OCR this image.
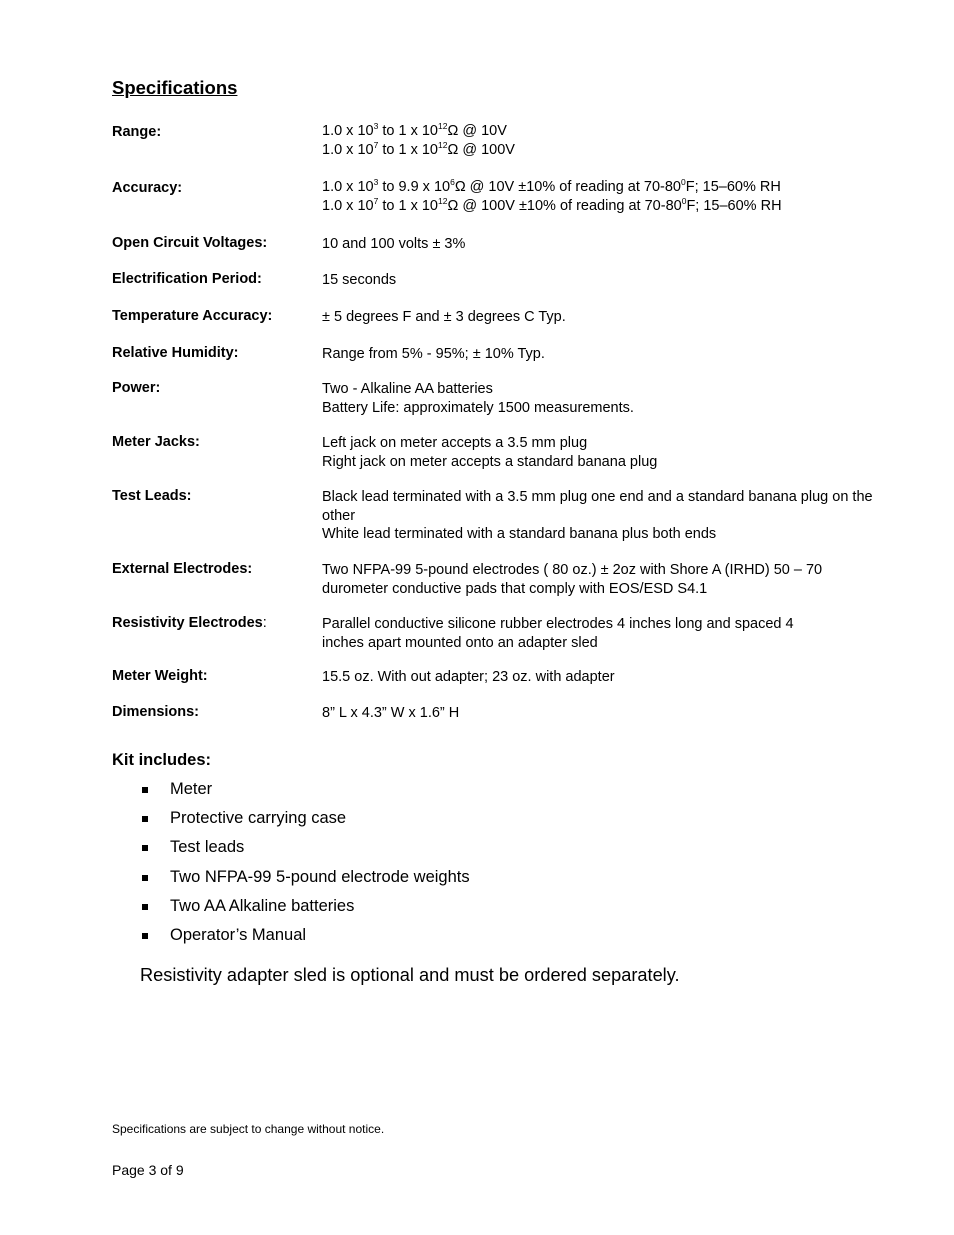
Specifications
Range:	1.0 x $10^3$ to 1 x $10^{12}\Omega$ @ 10V
1.0 x $10^7$ to 1 x $10^{12}\Omega$ @ 100V
Accuracy:	1.0 x $10^3$ to 9.9 x $10^6\Omega$ @ 10V ±10% of reading at $70-80^0F$; 15–60% RH
1.0 x $10^7$ to 1 x $10^{12}\Omega$ @ 100V ±10% of reading at $70-80^0F$; 15–60% RH
Open Circuit Voltages:	10 and 100 volts ± 3%
Electrification Period:	15 seconds
Temperature Accuracy:	± 5 degrees F and ± 3 degrees C Typ.
Relative Humidity:	Range from 5% - 95%; ± 10% Typ.
Power:	Two - Alkaline AA batteries
Battery Life: approximately 1500 measurements.
Meter Jacks:	Left jack on meter accepts a 3.5 mm plug
Right jack on meter accepts a standard banana plug
Test Leads:	Black lead terminated with a 3.5 mm plug one end and a standard banana plug on the other
White lead terminated with a standard banana plus both ends
External Electrodes:	Two NFPA-99 5-pound electrodes ( 80 oz.) ± 2oz with Shore A (IRHD) 50 – 70
durometer conductive pads that comply with EOS/ESD S4.1
Resistivity Electrodes:	Parallel conductive silicone rubber electrodes 4 inches long and spaced 4
inches apart mounted onto an adapter sled
Meter Weight:	15.5 oz. With out adapter; 23 oz. with adapter
Dimensions:	8” L x 4.3” W x 1.6” H
Kit includes:
Meter
Protective carrying case
Test leads
Two NFPA-99 5-pound electrode weights
Two AA Alkaline batteries
Operator’s Manual
Resistivity adapter sled is optional and must be ordered separately.
Specifications are subject to change without notice.
Page 3 of 9
